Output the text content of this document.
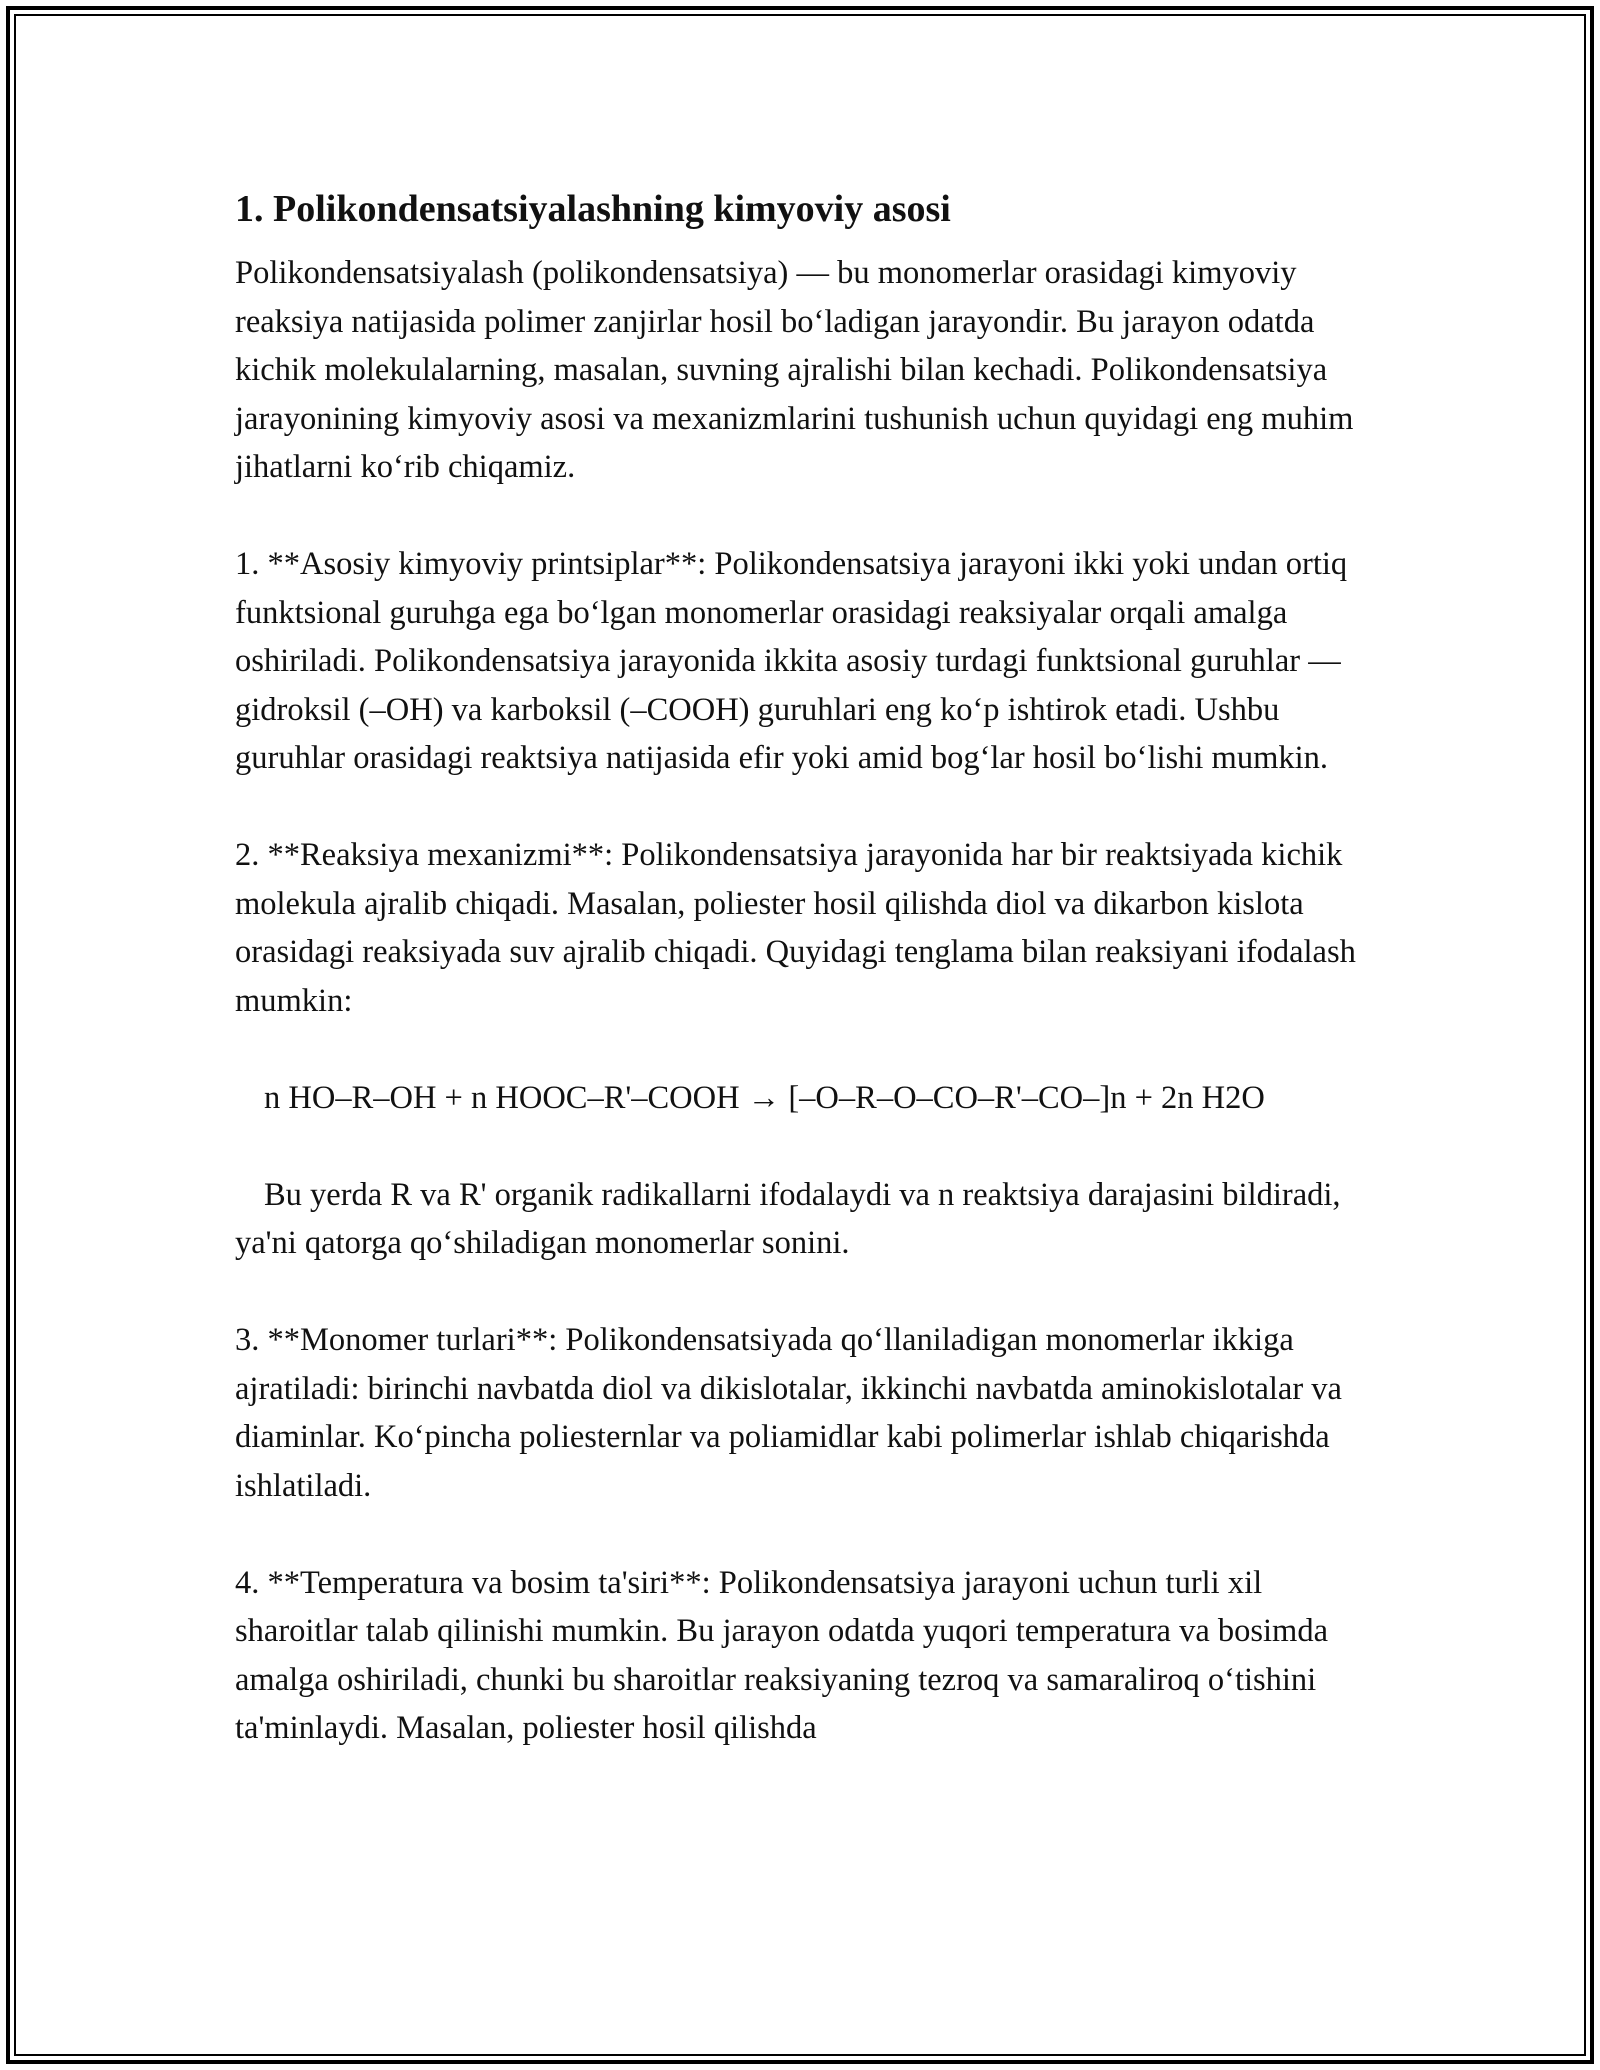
1. Polikondensatsiyalashning kimyoviy asosi

Polikondensatsiyalash (polikondensatsiya) — bu monomerlar orasidagi kimyoviy reaksiya natijasida polimer zanjirlar hosil bo‘ladigan jarayondir. Bu jarayon odatda kichik molekulalarning, masalan, suvning ajralishi bilan kechadi. Polikondensatsiya jarayonining kimyoviy asosi va mexanizmlarini tushunish uchun quyidagi eng muhim jihatlarni ko‘rib chiqamiz.

1. **Asosiy kimyoviy printsiplar**: Polikondensatsiya jarayoni ikki yoki undan ortiq funktsional guruhga ega bo‘lgan monomerlar orasidagi reaksiyalar orqali amalga oshiriladi. Polikondensatsiya jarayonida ikkita asosiy turdagi funktsional guruhlar — gidroksil (–OH) va karboksil (–COOH) guruhlari eng ko‘p ishtirok etadi. Ushbu guruhlar orasidagi reaktsiya natijasida efir yoki amid bog‘lar hosil bo‘lishi mumkin.

2. **Reaksiya mexanizmi**: Polikondensatsiya jarayonida har bir reaktsiyada kichik molekula ajralib chiqadi. Masalan, poliester hosil qilishda diol va dikarbon kislota orasidagi reaksiyada suv ajralib chiqadi. Quyidagi tenglama bilan reaksiyani ifodalash mumkin:

n HO–R–OH + n HOOC–R'–COOH → [–O–R–O–CO–R'–CO–]n + 2n H2O

Bu yerda R va R' organik radikallarni ifodalaydi va n reaktsiya darajasini bildiradi, ya'ni qatorga qo‘shiladigan monomerlar sonini.

3. **Monomer turlari**: Polikondensatsiyada qo‘llaniladigan monomerlar ikkiga ajratiladi: birinchi navbatda diol va dikislotalar, ikkinchi navbatda aminokislotalar va diaminlar. Ko‘pincha poliesternlar va poliamidlar kabi polimerlar ishlab chiqarishda ishlatiladi.

4. **Temperatura va bosim ta'siri**: Polikondensatsiya jarayoni uchun turli xil sharoitlar talab qilinishi mumkin. Bu jarayon odatda yuqori temperatura va bosimda amalga oshiriladi, chunki bu sharoitlar reaksiyaning tezroq va samaraliroq o‘tishini ta'minlaydi. Masalan, poliester hosil qilishda
